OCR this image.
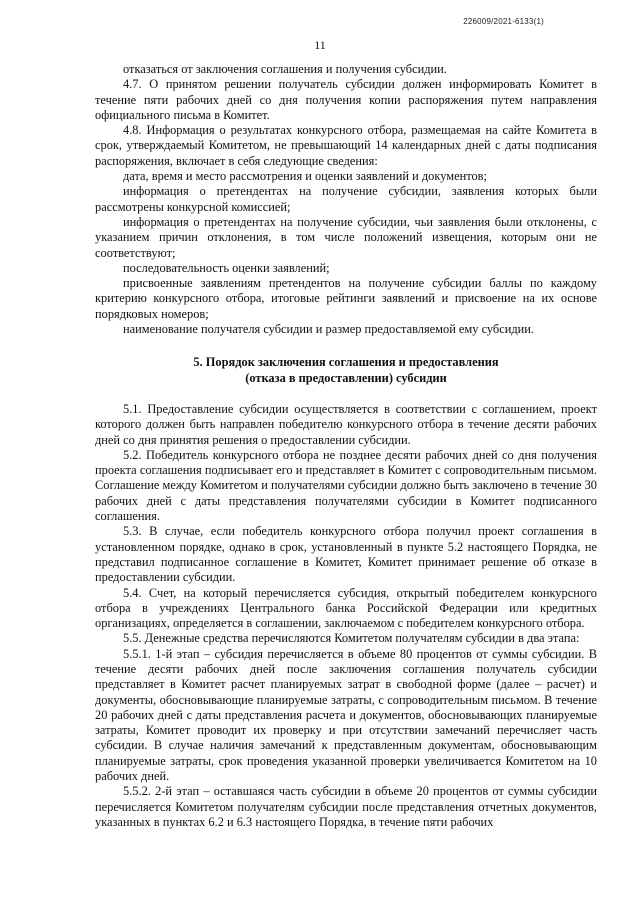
226009/2021-6133(1)
11

отказаться от заключения соглашения и получения субсидии.

4.7. О принятом решении получатель субсидии должен информировать Комитет в течение пяти рабочих дней со дня получения копии распоряжения путем направления официального письма в Комитет.

4.8. Информация о результатах конкурсного отбора, размещаемая на сайте Комитета в срок, утверждаемый Комитетом, не превышающий 14 календарных дней с даты подписания распоряжения, включает в себя следующие сведения:

дата, время и место рассмотрения и оценки заявлений и документов;

информация о претендентах на получение субсидии, заявления которых были рассмотрены конкурсной комиссией;

информация о претендентах на получение субсидии, чьи заявления были отклонены, с указанием причин отклонения, в том числе положений извещения, которым они не соответствуют;

последовательность оценки заявлений;

присвоенные заявлениям претендентов на получение субсидии баллы по каждому критерию конкурсного отбора, итоговые рейтинги заявлений и присвоение на их основе порядковых номеров;

наименование получателя субсидии и размер предоставляемой ему субсидии.

5. Порядок заключения соглашения и предоставления
(отказа в предоставлении) субсидии

5.1. Предоставление субсидии осуществляется в соответствии с соглашением, проект которого должен быть направлен победителю конкурсного отбора в течение десяти рабочих дней со дня принятия решения о предоставлении субсидии.

5.2. Победитель конкурсного отбора не позднее десяти рабочих дней со дня получения проекта соглашения подписывает его и представляет в Комитет с сопроводительным письмом. Соглашение между Комитетом и получателями субсидии должно быть заключено в течение 30 рабочих дней с даты представления получателями субсидии в Комитет подписанного соглашения.

5.3. В случае, если победитель конкурсного отбора получил проект соглашения в установленном порядке, однако в срок, установленный в пункте 5.2 настоящего Порядка, не представил подписанное соглашение в Комитет, Комитет принимает решение об отказе в предоставлении субсидии.

5.4. Счет, на который перечисляется субсидия, открытый победителем конкурсного отбора в учреждениях Центрального банка Российской Федерации или кредитных организациях, определяется в соглашении, заключаемом с победителем конкурсного отбора.

5.5. Денежные средства перечисляются Комитетом получателям субсидии в два этапа:

5.5.1. 1-й этап – субсидия перечисляется в объеме 80 процентов от суммы субсидии. В течение десяти рабочих дней после заключения соглашения получатель субсидии представляет в Комитет расчет планируемых затрат в свободной форме (далее – расчет) и документы, обосновывающие планируемые затраты, с сопроводительным письмом. В течение 20 рабочих дней с даты представления расчета и документов, обосновывающих планируемые затраты, Комитет проводит их проверку и при отсутствии замечаний перечисляет часть субсидии. В случае наличия замечаний к представленным документам, обосновывающим планируемые затраты, срок проведения указанной проверки увеличивается Комитетом на 10 рабочих дней.

5.5.2. 2-й этап – оставшаяся часть субсидии в объеме 20 процентов от суммы субсидии перечисляется Комитетом получателям субсидии после представления отчетных документов, указанных в пунктах 6.2 и 6.3 настоящего Порядка, в течение пяти рабочих
